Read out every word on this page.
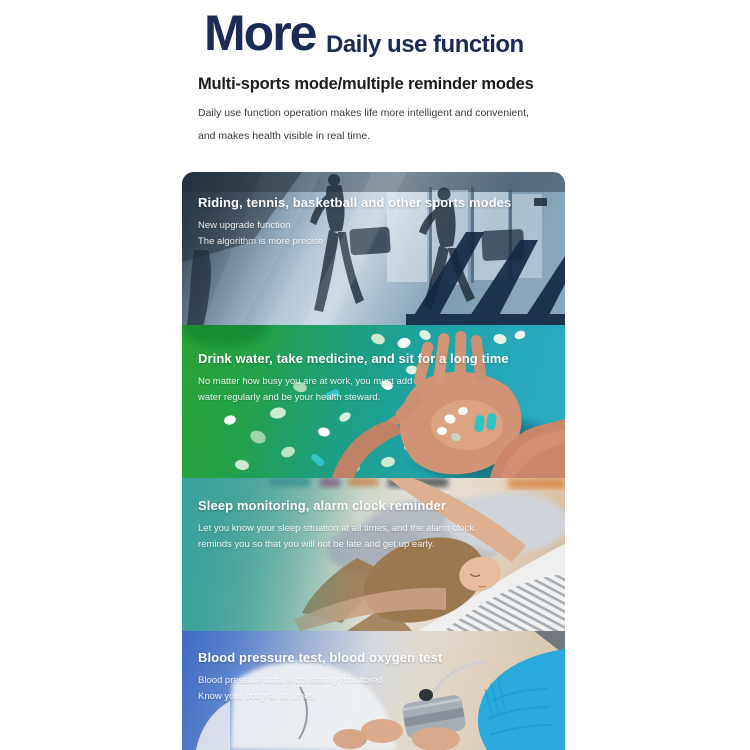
More Daily use function
Multi-sports mode/multiple reminder modes
Daily use function operation makes life more intelligent and convenient,
and makes health visible in real time.
Riding, tennis, basketball and other sports modes
New upgrade function
The algorithm is more precise
Drink water, take medicine, and sit for a long time
No matter how busy you are at work, you must add
water regularly and be your health steward.
Sleep monitoring, alarm clock reminder
Let you know your sleep situation at all times, and the alarm clock
reminds you so that you will not be late and get up early.
Blood pressure test, blood oxygen test
Blood pressure data is constantly monitored
Know your body at all times.
